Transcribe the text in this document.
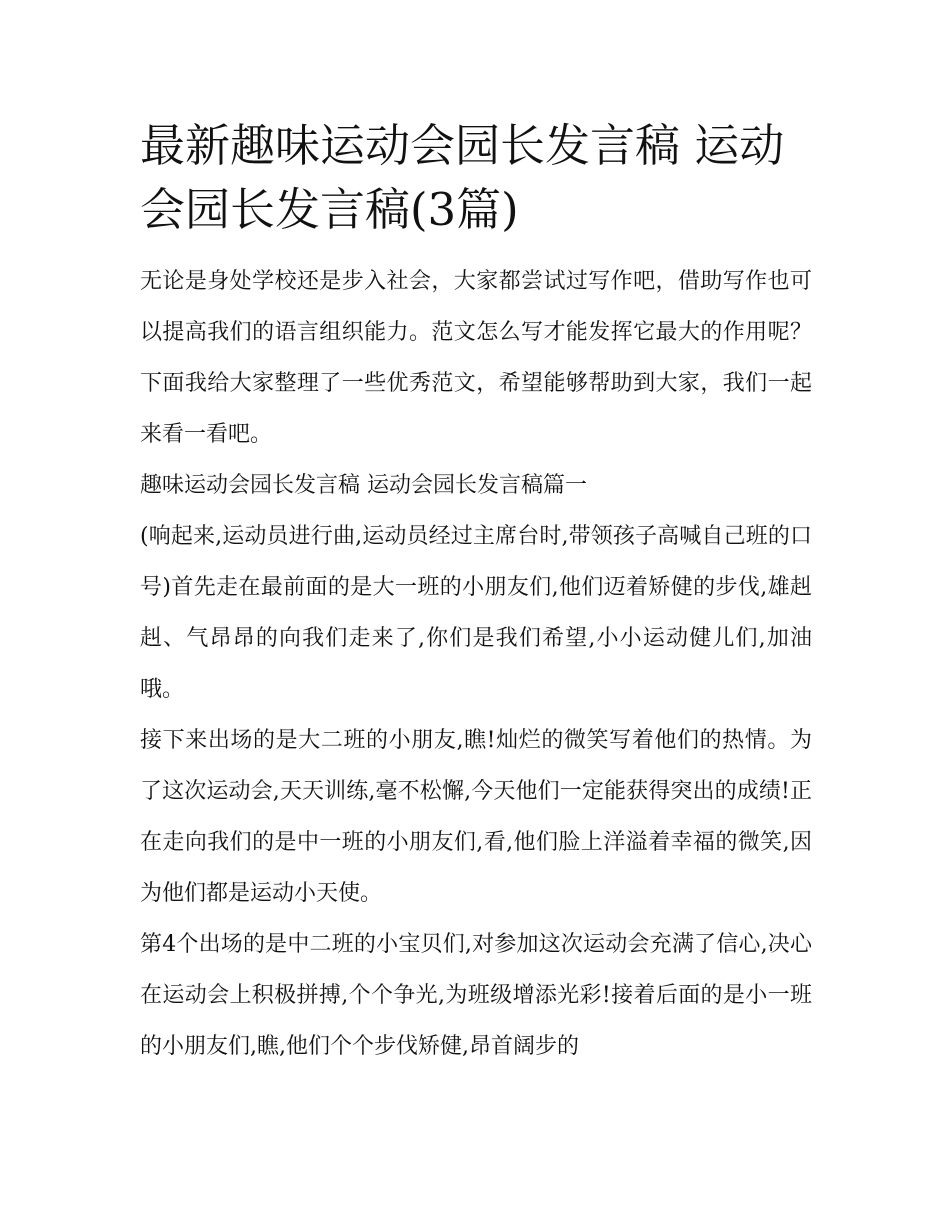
最新趣味运动会园长发言稿 运动会园长发言稿(3篇)

无论是身处学校还是步入社会，大家都尝试过写作吧，借助写作也可以提高我们的语言组织能力。范文怎么写才能发挥它最大的作用呢？下面我给大家整理了一些优秀范文，希望能够帮助到大家，我们一起来看一看吧。

趣味运动会园长发言稿 运动会园长发言稿篇一

(响起来,运动员进行曲,运动员经过主席台时,带领孩子高喊自己班的口号)首先走在最前面的是大一班的小朋友们,他们迈着矫健的步伐,雄赳赳、气昂昂的向我们走来了,你们是我们希望,小小运动健儿们,加油哦。

接下来出场的是大二班的小朋友,瞧!灿烂的微笑写着他们的热情。为了这次运动会,天天训练,毫不松懈,今天他们一定能获得突出的成绩!正在走向我们的是中一班的小朋友们,看,他们脸上洋溢着幸福的微笑,因为他们都是运动小天使。

第4个出场的是中二班的小宝贝们,对参加这次运动会充满了信心,决心在运动会上积极拼搏,个个争光,为班级增添光彩!接着后面的是小一班的小朋友们,瞧,他们个个步伐矫健,昂首阔步的
